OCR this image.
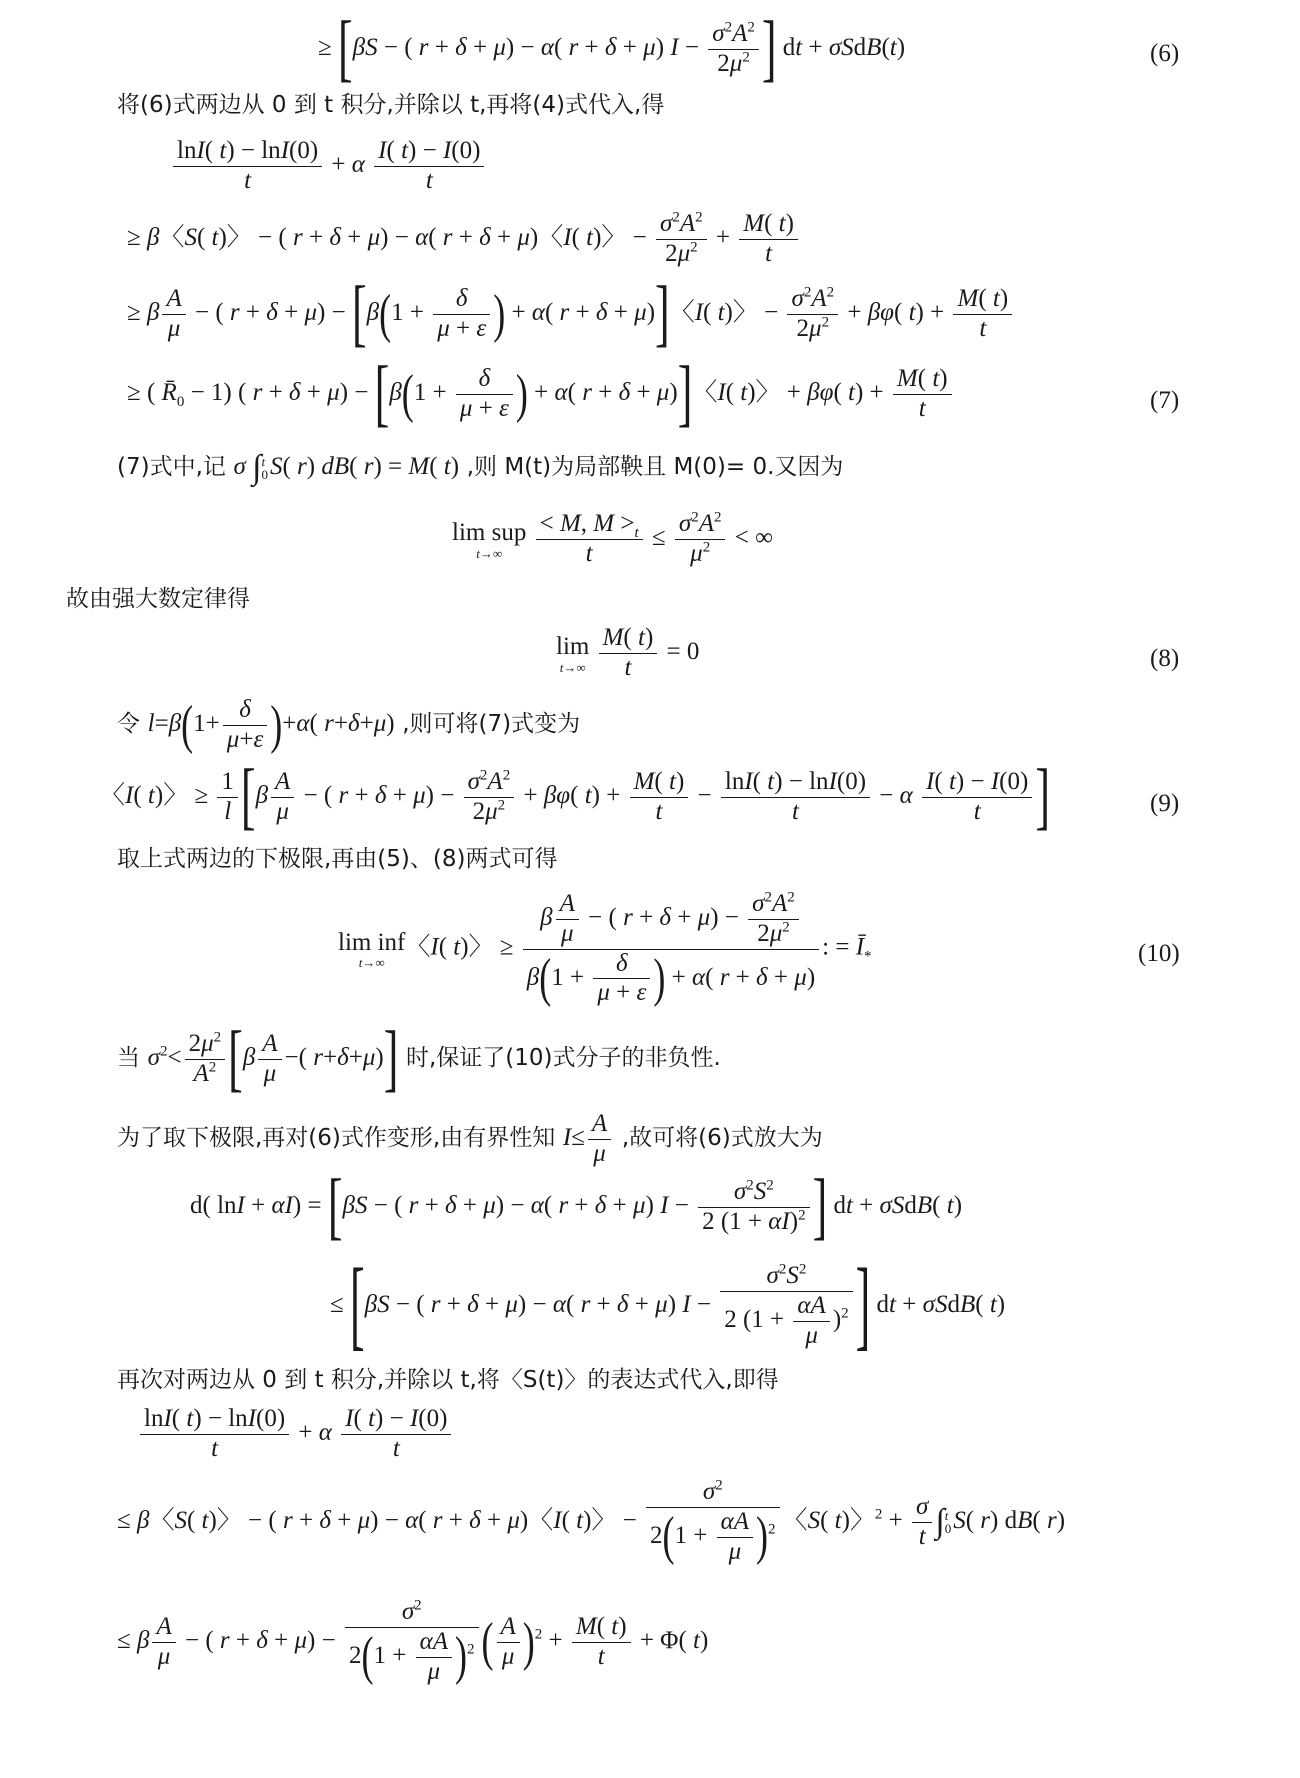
≥ [βS − ( r + δ + μ) − α( r + δ + μ) $I - \frac{\sigma^2A^2}{2\mu^2}$ ] dt + σSdB(t)	(6)
将(6)式两边从 0 到 t 积分,并除以 t,再将(4)式代入,得
$\frac{\ln I( t) - \ln I(0)}{t} + \alpha \frac{I( t) - I(0)}{t}$
≥ β〈S( t)〉 − ( r + δ + μ) − α( r + δ + μ)〈I( t)〉 − $\frac{\sigma^2A^2}{2\mu^2} + \frac{M( t)}{t}$
≥ β $\frac{A}{\mu}$ − ( $r + \delta + \mu) - [\beta(1 + \frac{\delta}{\mu + \varepsilon}$ ) + α( r + δ + μ)]〈I( t)〉 − $\frac{\sigma^2A^2}{2\mu^2} + \beta\varphi$( $t) + \frac{M( t)}{t}$
≥ ( $R̄_0 - 1$) ( $r + \delta + \mu) - [\beta(1 + \frac{\delta}{\mu + \varepsilon}$ ) + α( r + δ + μ)]〈I( t)〉 + βφ( $t) + \frac{M( t)}{t}$	(7)
(7)式中,记 σ ∫ t
0 S( r) dB( r) = M( t) ,则 M(t)为局部鞅且 M(0)= 0.又因为
lim sup
t→∞
	$\frac{< M, M >_t}{t} \le \frac{\sigma^2A^2}{\mu^2}$ < ∞
故由强大数定律得
lim
t→∞
$\frac{M( t)}{t} = 0$	(8)
令 $l=\beta(1+ \frac{\delta}{\mu+\varepsilon} )+\alpha$( r+δ+μ) ,则可将(7)式变为
〈I( t)〉 ≥ $\frac{1}{l} [\beta \frac{A}{\mu}$ − ( $r + \delta + \mu) - \frac{\sigma^2A^2}{2\mu^2} + \beta\varphi$( $t) + \frac{M( t)}{t} - \frac{\ln I( t) - \ln I(0)}{t} - \alpha \frac{I( t) - I(0)}{t}$ ]	(9)
取上式两边的下极限,再由(5)、(8)两式可得
lim inf
t→∞
〈I( t)〉 ≥ $\frac{\beta \frac{A}{\mu} - ( r + \delta + \mu) - \frac{\sigma^2A^2}{2\mu^2}}{\beta(1 + \frac{\delta}{\mu + \varepsilon} ) + \alpha( r + \delta + \mu)}$ : = $Ī_*$	(10)
当 $\sigma^2< \frac{2\mu^2}{A^2} [\beta \frac{A}{\mu}$ −( r+δ+μ)] 时,保证了(10)式分子的非负性.
为了取下极限,再对(6)式作变形,由有界性知 $I\le \frac{A}{\mu}$ ,故可将(6)式放大为
d( lnI + αI) = [βS − ( r + δ + μ) − α( r + δ + μ) $I - \frac{\sigma^2S^2}{2 (1 + \alpha I)^2}$ ] dt + σSdB( t)
≤ [βS − ( r + δ + μ) − α( r + δ + μ) $I - \frac{\sigma^2S^2}{2 (1 + \frac{\alpha A}{\mu} )^2}$ ] dt + σSdB( t)
再次对两边从 0 到 t 积分,并除以 t,将〈S(t)〉的表达式代入,即得
$\frac{\ln I( t) - \ln I(0)}{t} + \alpha \frac{I( t) - I(0)}{t}$
≤ β〈S( t)〉 − ( r + δ + μ) − α( r + δ + μ)〈I( t)〉 − $\frac{\sigma^2}{2(1 + \frac{\alpha A}{\mu} )^2}$ 〈S( t)〉$^2 + \frac{\sigma}{t}$ ∫ t
0 S( r) dB( r)
≤ β $\frac{A}{\mu}$ − ( $r + \delta + \mu) - \frac{\sigma^2}{2(1 + \frac{\alpha A}{\mu} )^2}$ ( $\frac{A}{\mu} )^2 + \frac{M( t)}{t} + \Phi$( t)
